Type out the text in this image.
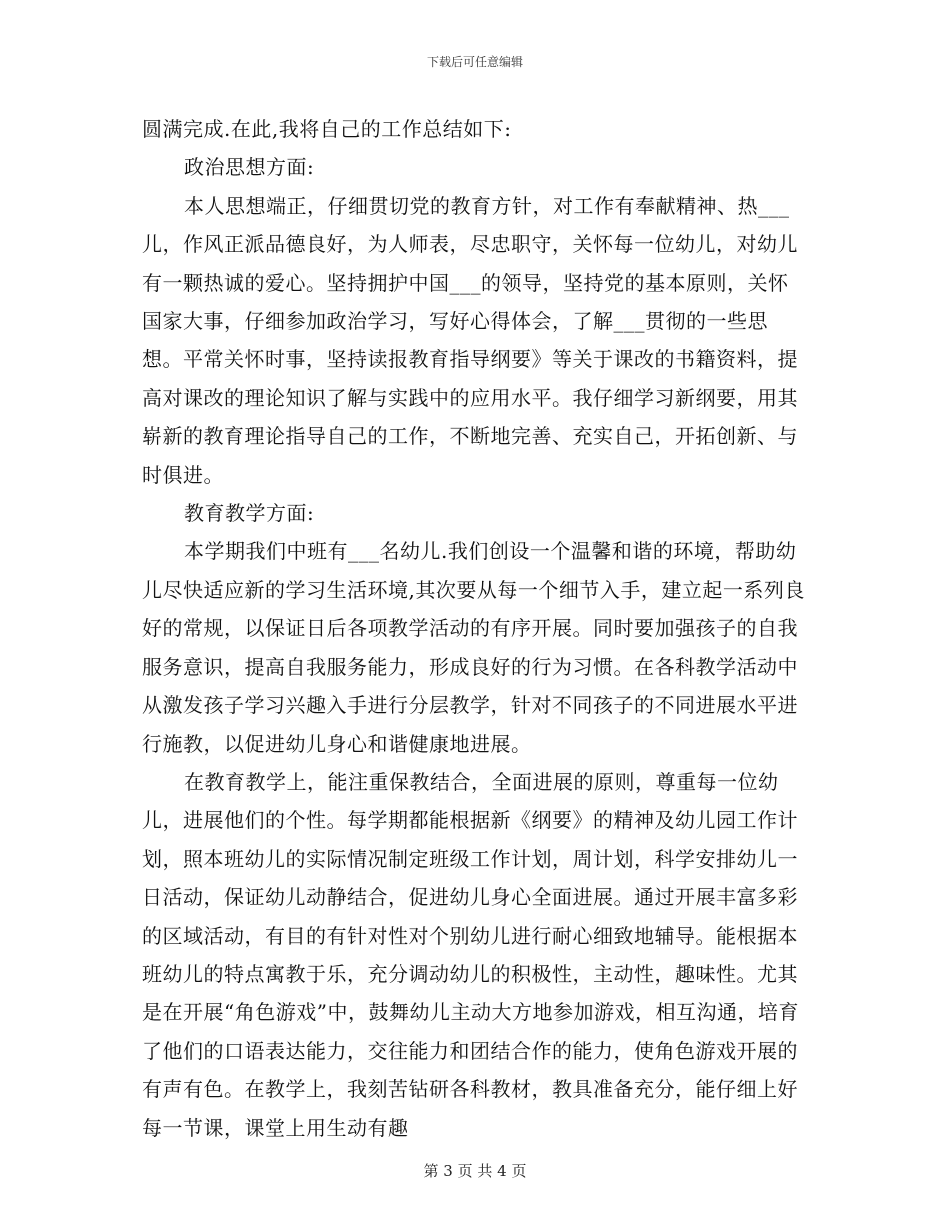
下载后可任意编辑

圆满完成.在此,我将自己的工作总结如下:

政治思想方面:

本人思想端正，仔细贯切党的教育方针，对工作有奉献精神、热___儿，作风正派品德良好，为人师表，尽忠职守，关怀每一位幼儿，对幼儿有一颗热诚的爱心。坚持拥护中国___的领导，坚持党的基本原则，关怀国家大事，仔细参加政治学习，写好心得体会，了解___贯彻的一些思想。平常关怀时事，坚持读报教育指导纲要》等关于课改的书籍资料，提高对课改的理论知识了解与实践中的应用水平。我仔细学习新纲要，用其崭新的教育理论指导自己的工作，不断地完善、充实自己，开拓创新、与时俱进。

教育教学方面:

本学期我们中班有___名幼儿.我们创设一个温馨和谐的环境，帮助幼儿尽快适应新的学习生活环境,其次要从每一个细节入手，建立起一系列良好的常规，以保证日后各项教学活动的有序开展。同时要加强孩子的自我服务意识，提高自我服务能力，形成良好的行为习惯。在各科教学活动中从激发孩子学习兴趣入手进行分层教学，针对不同孩子的不同进展水平进行施教，以促进幼儿身心和谐健康地进展。

在教育教学上，能注重保教结合，全面进展的原则，尊重每一位幼儿，进展他们的个性。每学期都能根据新《纲要》的精神及幼儿园工作计划，照本班幼儿的实际情况制定班级工作计划，周计划，科学安排幼儿一日活动，保证幼儿动静结合，促进幼儿身心全面进展。通过开展丰富多彩的区域活动，有目的有针对性对个别幼儿进行耐心细致地辅导。能根据本班幼儿的特点寓教于乐，充分调动幼儿的积极性，主动性，趣味性。尤其是在开展“角色游戏”中，鼓舞幼儿主动大方地参加游戏，相互沟通，培育了他们的口语表达能力，交往能力和团结合作的能力，使角色游戏开展的有声有色。在教学上，我刻苦钻研各科教材，教具准备充分，能仔细上好每一节课，课堂上用生动有趣

第 3 页 共 4 页
